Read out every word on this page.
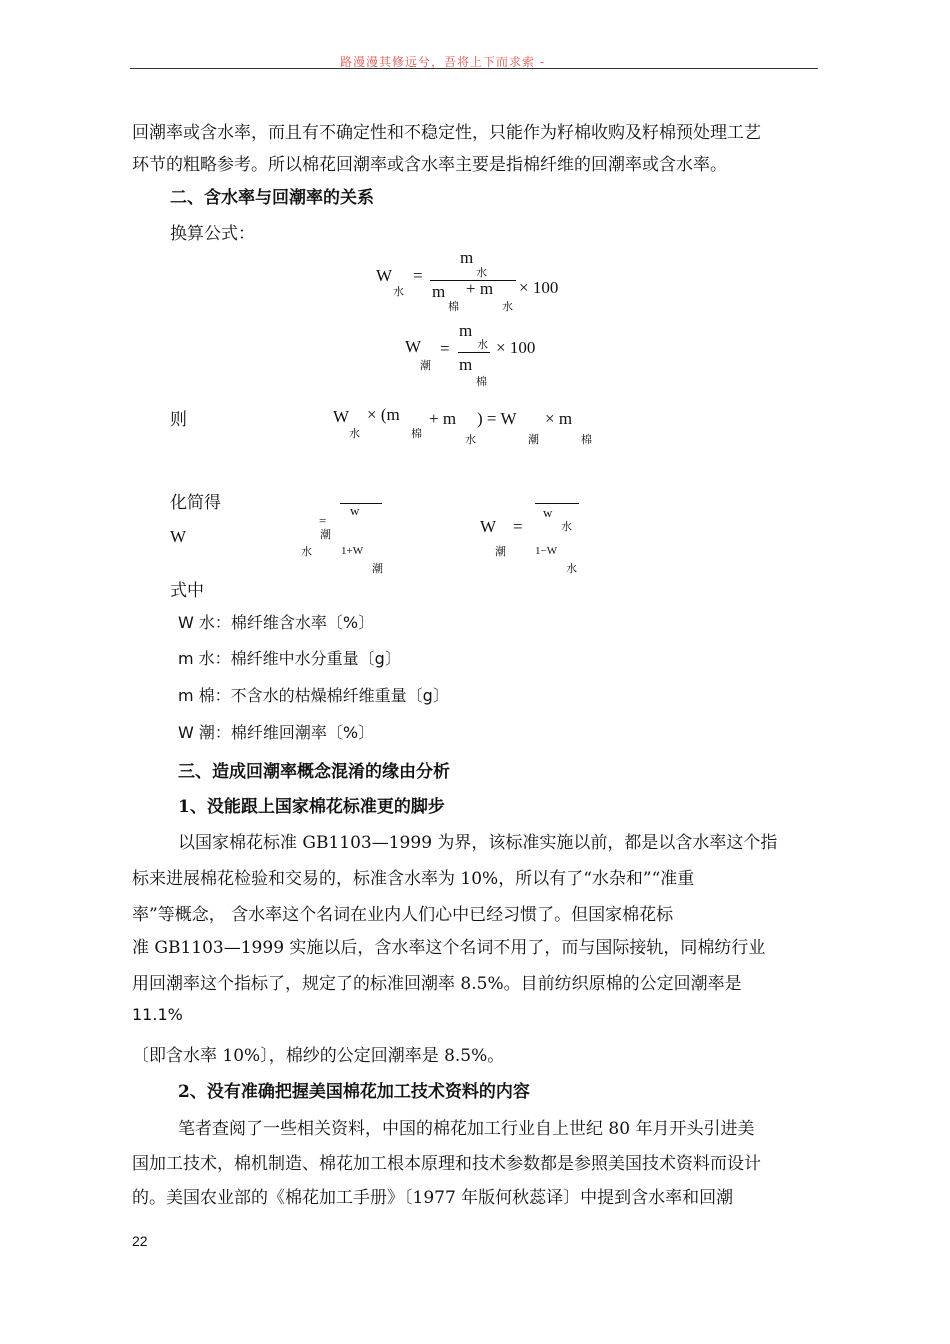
路漫漫其修远兮，吾将上下而求索 -
回潮率或含水率，而且有不确定性和不稳定性，只能作为籽棉收购及籽棉预处理工艺
环节的粗略参考。所以棉花回潮率或含水率主要是指棉纤维的回潮率或含水率。
二、含水率与回潮率的关系
换算公式：
W
水
=
m
水
m
棉
+ m
水
× 100
W
潮
=
m
水
m
棉
× 100
则	W
水
× (m
棉
+ m
水
) = W
潮
× m
棉
化简得
W
w
=
潮
水	1+W
潮
W =
潮
w
水
1−W
水
式中
W 水：棉纤维含水率〔%〕
m 水：棉纤维中水分重量〔g〕
m 棉：不含水的枯燥棉纤维重量〔g〕
W 潮：棉纤维回潮率〔%〕
三、造成回潮率概念混淆的缘由分析
1、没能跟上国家棉花标准更的脚步
以国家棉花标准 GB1103—1999 为界，该标准实施以前，都是以含水率这个指
标来进展棉花检验和交易的，标准含水率为 10%，所以有了“水杂和”“准重
率”等概念， 含水率这个名词在业内人们心中已经习惯了。但国家棉花标
准 GB1103—1999 实施以后，含水率这个名词不用了，而与国际接轨，同棉纺行业
用回潮率这个指标了，规定了的标准回潮率 8.5%。目前纺织原棉的公定回潮率是
11.1%
〔即含水率 10%〕，棉纱的公定回潮率是 8.5%。
2、没有准确把握美国棉花加工技术资料的内容
笔者查阅了一些相关资料，中国的棉花加工行业自上世纪 80 年月开头引进美
国加工技术，棉机制造、棉花加工根本原理和技术参数都是参照美国技术资料而设计
的。美国农业部的《棉花加工手册》〔1977 年版何秋蕊译〕中提到含水率和回潮
22
